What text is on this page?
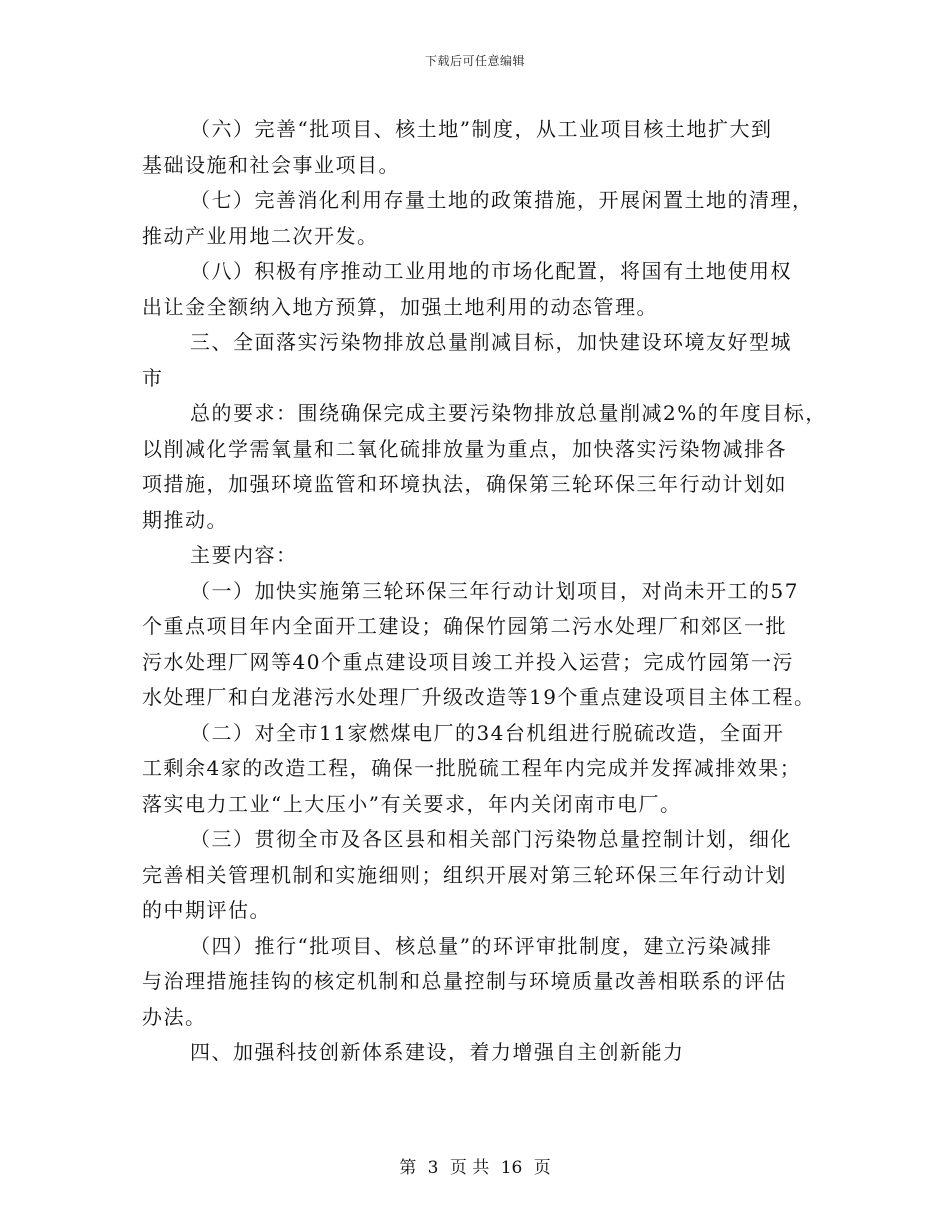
下载后可任意编辑
（六）完善“批项目、核土地”制度，从工业项目核土地扩大到
基础设施和社会事业项目。
（七）完善消化利用存量土地的政策措施，开展闲置土地的清理，
推动产业用地二次开发。
（八）积极有序推动工业用地的市场化配置，将国有土地使用权
出让金全额纳入地方预算，加强土地利用的动态管理。
三、全面落实污染物排放总量削减目标，加快建设环境友好型城
市
总的要求：围绕确保完成主要污染物排放总量削减2%的年度目标，
以削减化学需氧量和二氧化硫排放量为重点，加快落实污染物减排各
项措施，加强环境监管和环境执法，确保第三轮环保三年行动计划如
期推动。
主要内容：
（一）加快实施第三轮环保三年行动计划项目，对尚未开工的57
个重点项目年内全面开工建设；确保竹园第二污水处理厂和郊区一批
污水处理厂网等40个重点建设项目竣工并投入运营；完成竹园第一污
水处理厂和白龙港污水处理厂升级改造等19个重点建设项目主体工程。
（二）对全市11家燃煤电厂的34台机组进行脱硫改造，全面开
工剩余4家的改造工程，确保一批脱硫工程年内完成并发挥减排效果；
落实电力工业“上大压小”有关要求，年内关闭南市电厂。
（三）贯彻全市及各区县和相关部门污染物总量控制计划，细化
完善相关管理机制和实施细则；组织开展对第三轮环保三年行动计划
的中期评估。
（四）推行“批项目、核总量”的环评审批制度，建立污染减排
与治理措施挂钩的核定机制和总量控制与环境质量改善相联系的评估
办法。
四、加强科技创新体系建设，着力增强自主创新能力
第 3 页 共 16 页
